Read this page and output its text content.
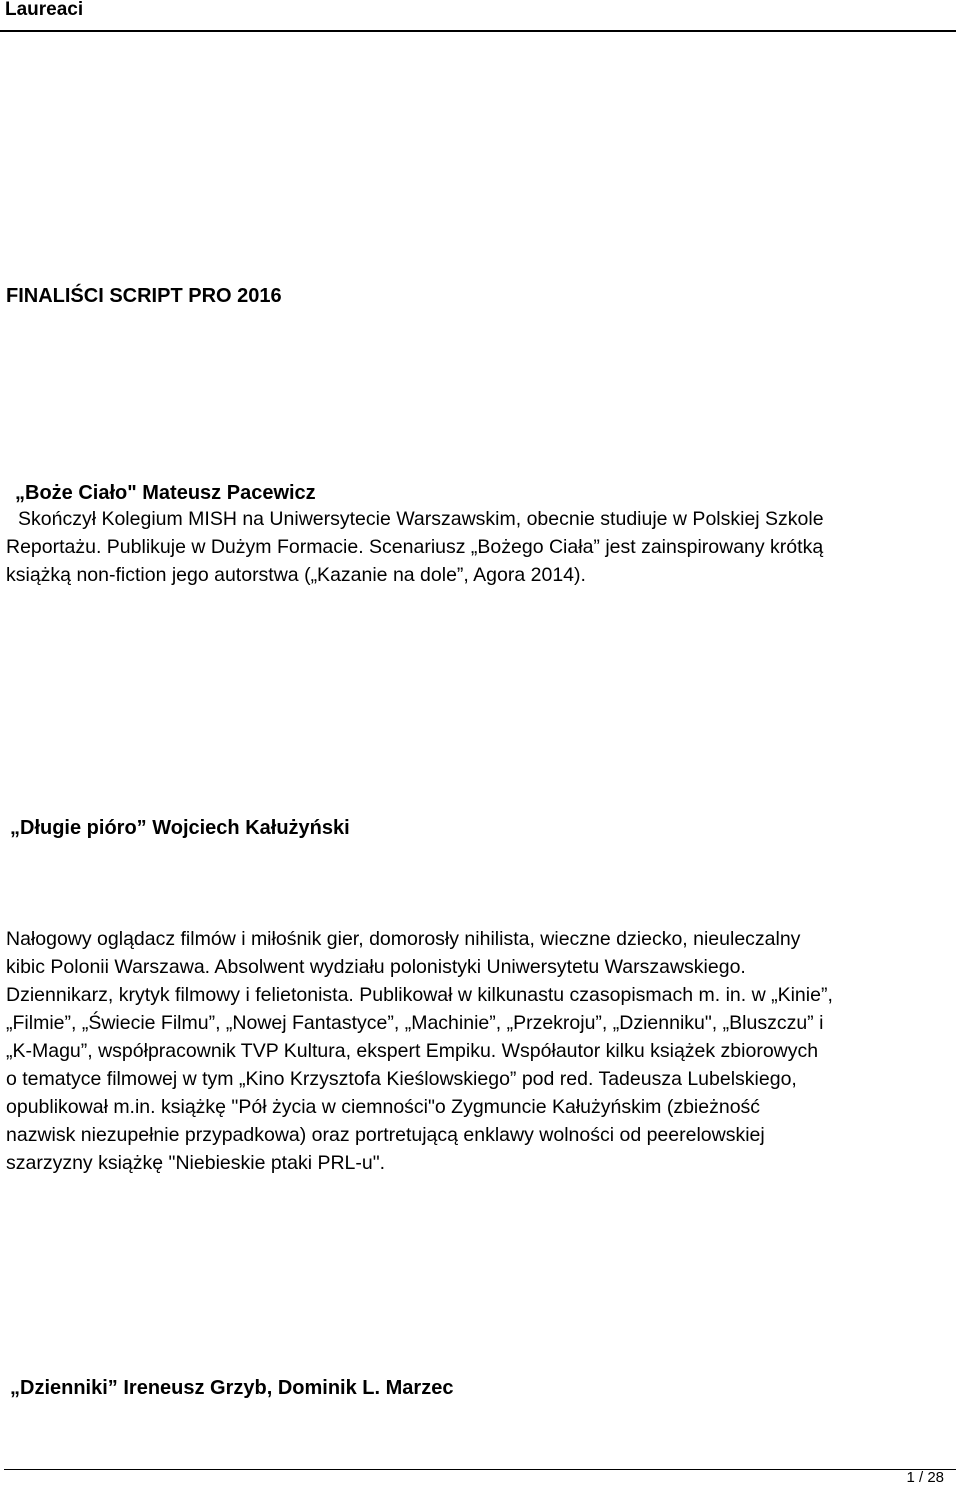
Laureaci
FINALIŚCI SCRIPT PRO 2016
„Boże Ciało" Mateusz Pacewicz
Skończył Kolegium MISH na Uniwersytecie Warszawskim, obecnie studiuje w Polskiej Szkole
Reportażu. Publikuje w Dużym Formacie. Scenariusz „Bożego Ciała” jest zainspirowany krótką
książką non-fiction jego autorstwa („Kazanie na dole”, Agora 2014).
„Długie pióro” Wojciech Kałużyński
Nałogowy oglądacz filmów i miłośnik gier, domorosły nihilista, wieczne dziecko, nieuleczalny
kibic Polonii Warszawa. Absolwent wydziału polonistyki Uniwersytetu Warszawskiego.
Dziennikarz, krytyk filmowy i felietonista. Publikował w kilkunastu czasopismach m. in. w „Kinie”,
„Filmie”, „Świecie Filmu”, „Nowej Fantastyce”, „Machinie”, „Przekroju”, „Dzienniku", „Bluszczu” i
„K-Magu”, współpracownik TVP Kultura, ekspert Empiku. Współautor kilku książek zbiorowych
o tematyce filmowej w tym „Kino Krzysztofa Kieślowskiego” pod red. Tadeusza Lubelskiego,
opublikował m.in. książkę "Pół życia w ciemności"o Zygmuncie Kałużyńskim (zbieżność
nazwisk niezupełnie przypadkowa) oraz portretującą enklawy wolności od peerelowskiej
szarzyzny książkę "Niebieskie ptaki PRL-u".
„Dzienniki” Ireneusz Grzyb, Dominik L. Marzec
1 / 28
